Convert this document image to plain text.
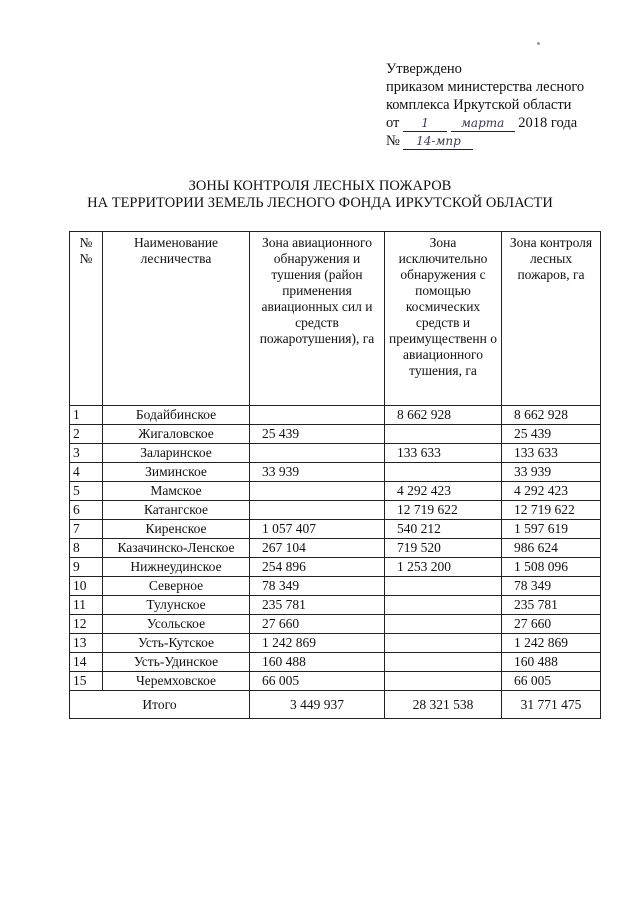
Утверждено
приказом министерства лесного
комплекса Иркутской области
от 1	марта 2018 года
№ 14-мпр
ЗОНЫ КОНТРОЛЯ ЛЕСНЫХ ПОЖАРОВ
НА ТЕРРИТОРИИ ЗЕМЕЛЬ ЛЕСНОГО ФОНДА ИРКУТСКОЙ ОБЛАСТИ
№ №	Наименование лесничества	Зона авиационного обнаружения и тушения (район применения авиационных сил и средств пожаротушения), га	Зона исключительно обнаружения с помощью космических средств и преимущественн о авиационного тушения, га	Зона контроля лесных пожаров, га
1	Бодайбинское		8 662 928	8 662 928
2	Жигаловское	25 439		25 439
3	Заларинское		133 633	133 633
4	Зиминское	33 939		33 939
5	Мамское		4 292 423	4 292 423
6	Катангское		12 719 622	12 719 622
7	Киренское	1 057 407	540 212	1 597 619
8	Казачинско-Ленское	267 104	719 520	986 624
9	Нижнеудинское	254 896	1 253 200	1 508 096
10	Северное	78 349		78 349
11	Тулунское	235 781		235 781
12	Усольское	27 660		27 660
13	Усть-Кутское	1 242 869		1 242 869
14	Усть-Удинское	160 488		160 488
15	Черемховское	66 005		66 005
Итого		3 449 937	28 321 538	31 771 475
